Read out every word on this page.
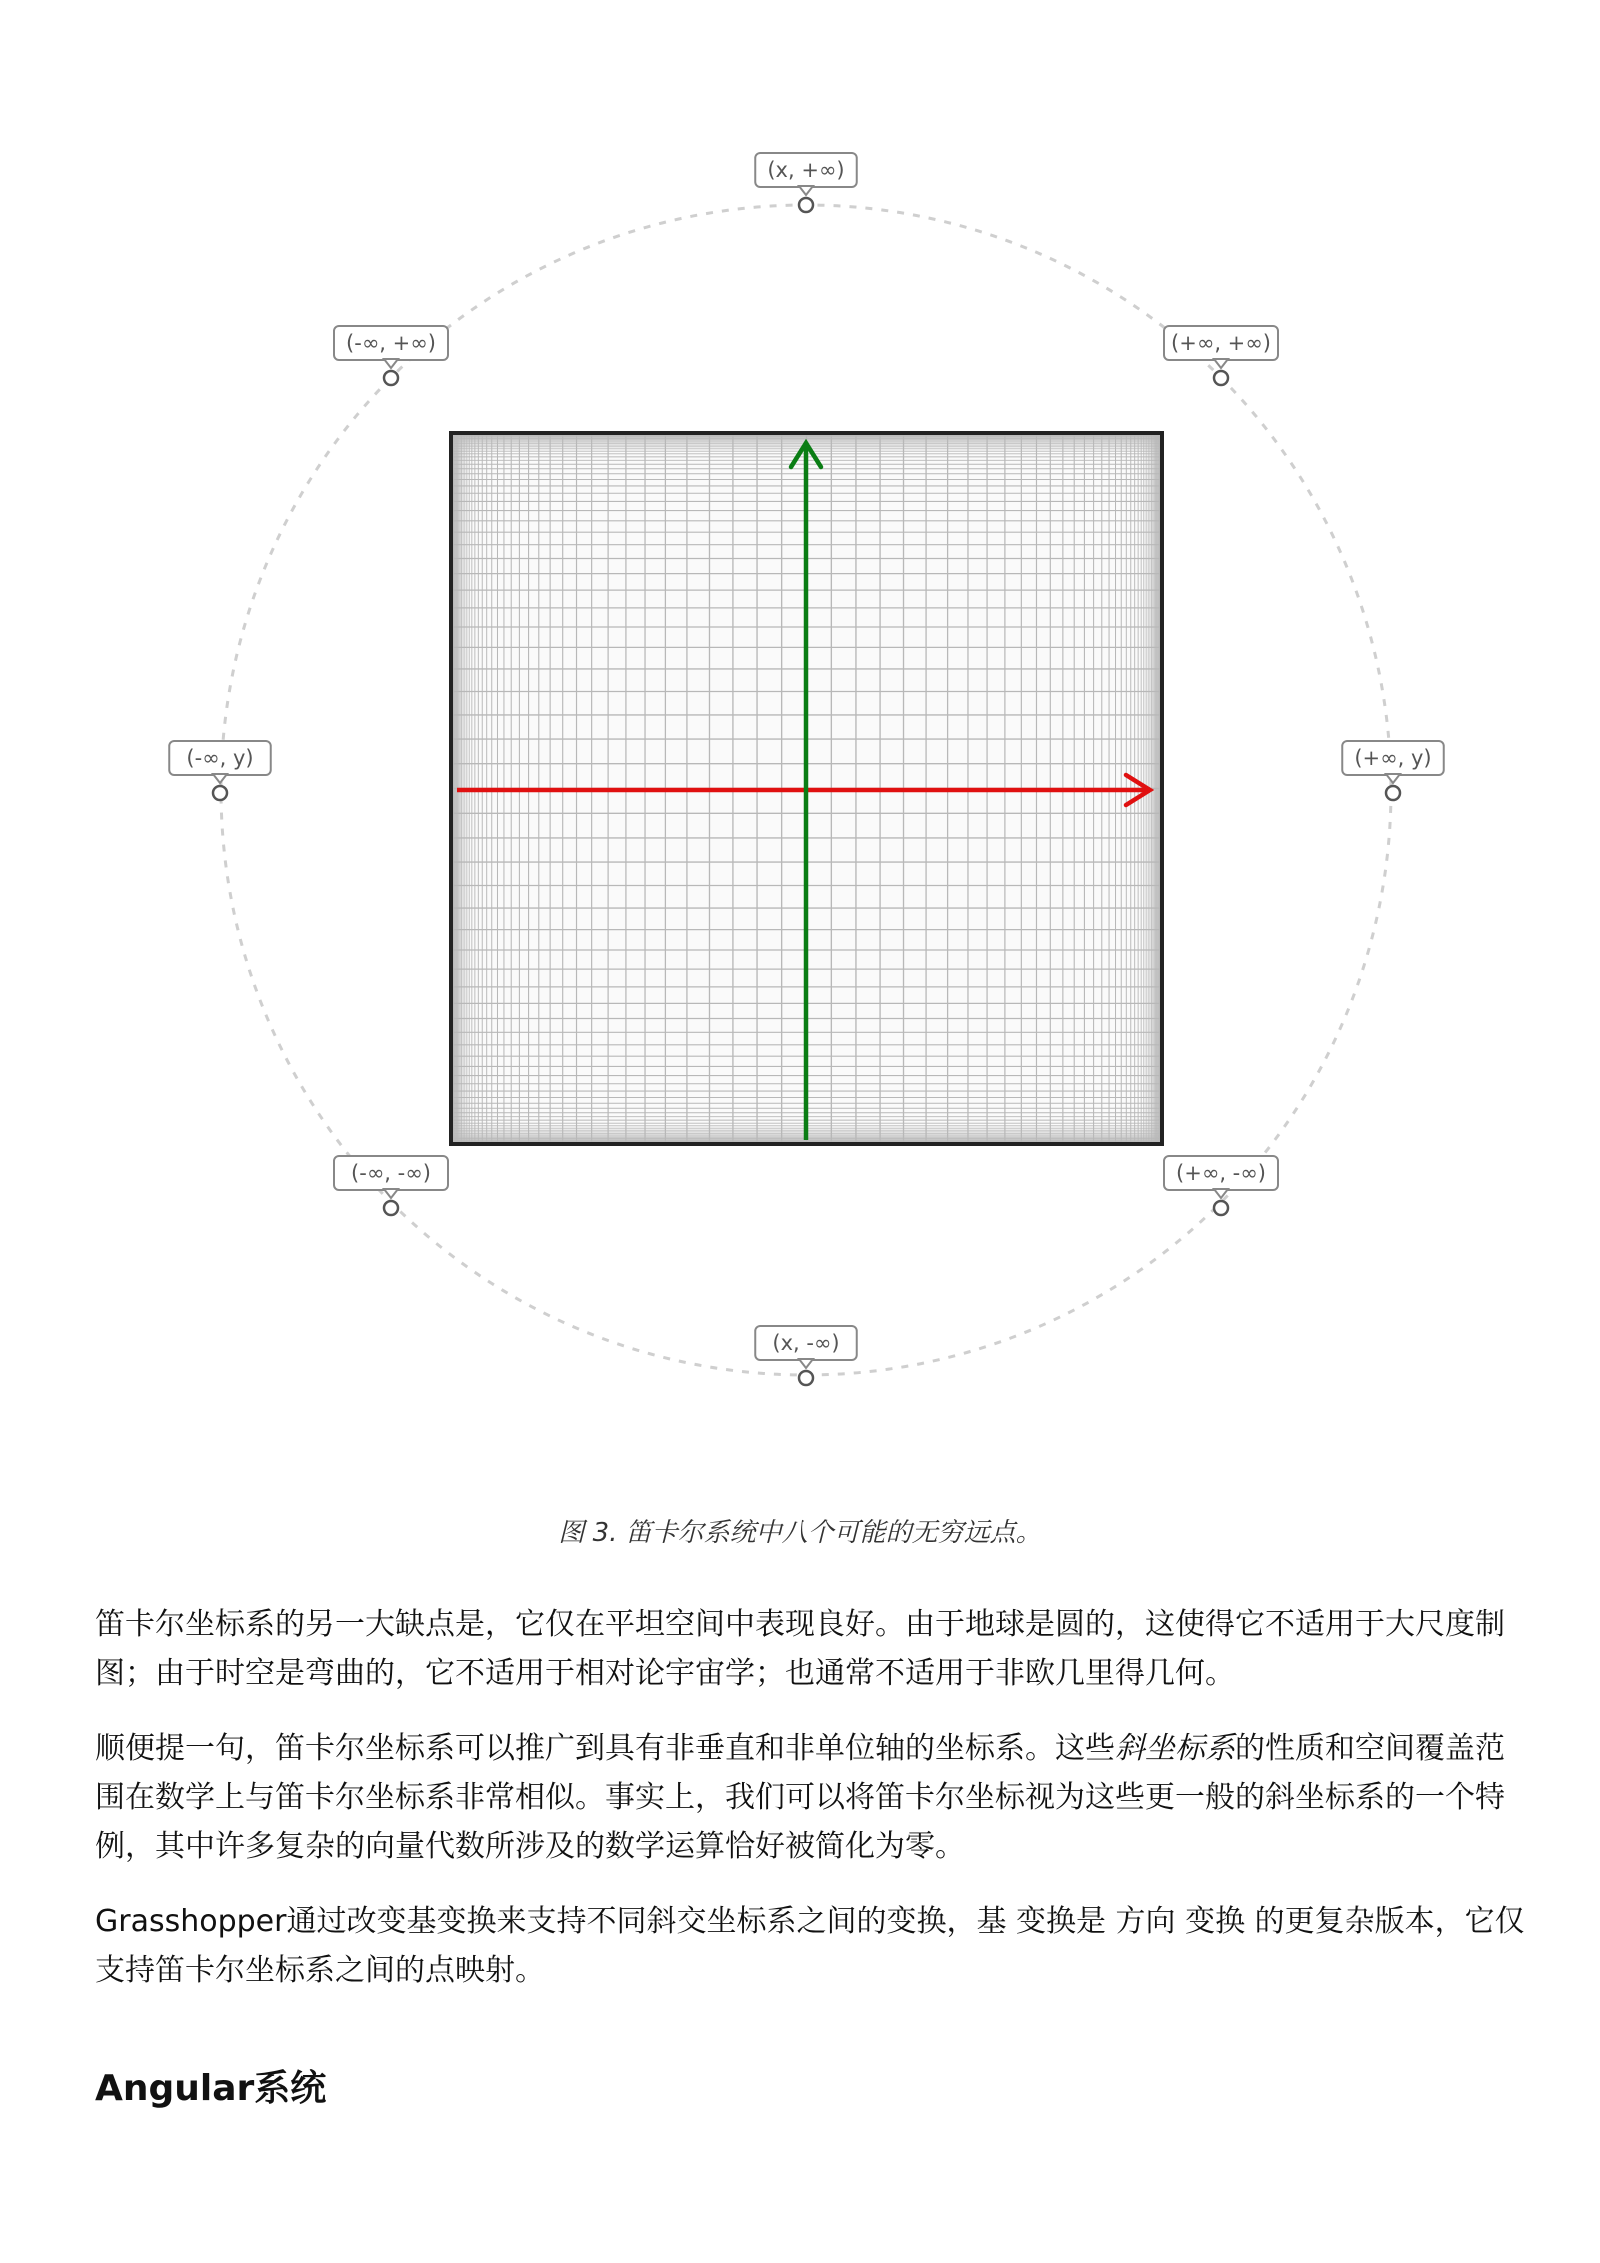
(x, +∞)
(-∞, +∞)	(+∞, +∞)
(-∞, y)	(+∞, y)
(-∞, -∞)	(+∞, -∞)
(x, -∞)
图 3. 笛卡尔系统中八个可能的无穷远点。

笛卡尔坐标系的另一大缺点是，它仅在平坦空间中表现良好。由于地球是圆的，这使得它不适用于大尺度制图；由于时空是弯曲的，它不适用于相对论宇宙学；也通常不适用于非欧几里得几何。

顺便提一句，笛卡尔坐标系可以推广到具有非垂直和非单位轴的坐标系。这些斜坐标系的性质和空间覆盖范围在数学上与笛卡尔坐标系非常相似。事实上，我们可以将笛卡尔坐标视为这些更一般的斜坐标系的一个特例，其中许多复杂的向量代数所涉及的数学运算恰好被简化为零。

Grasshopper通过改变基变换来支持不同斜交坐标系之间的变换，基 变换是 方向 变换 的更复杂版本，它仅支持笛卡尔坐标系之间的点映射。

Angular系统
